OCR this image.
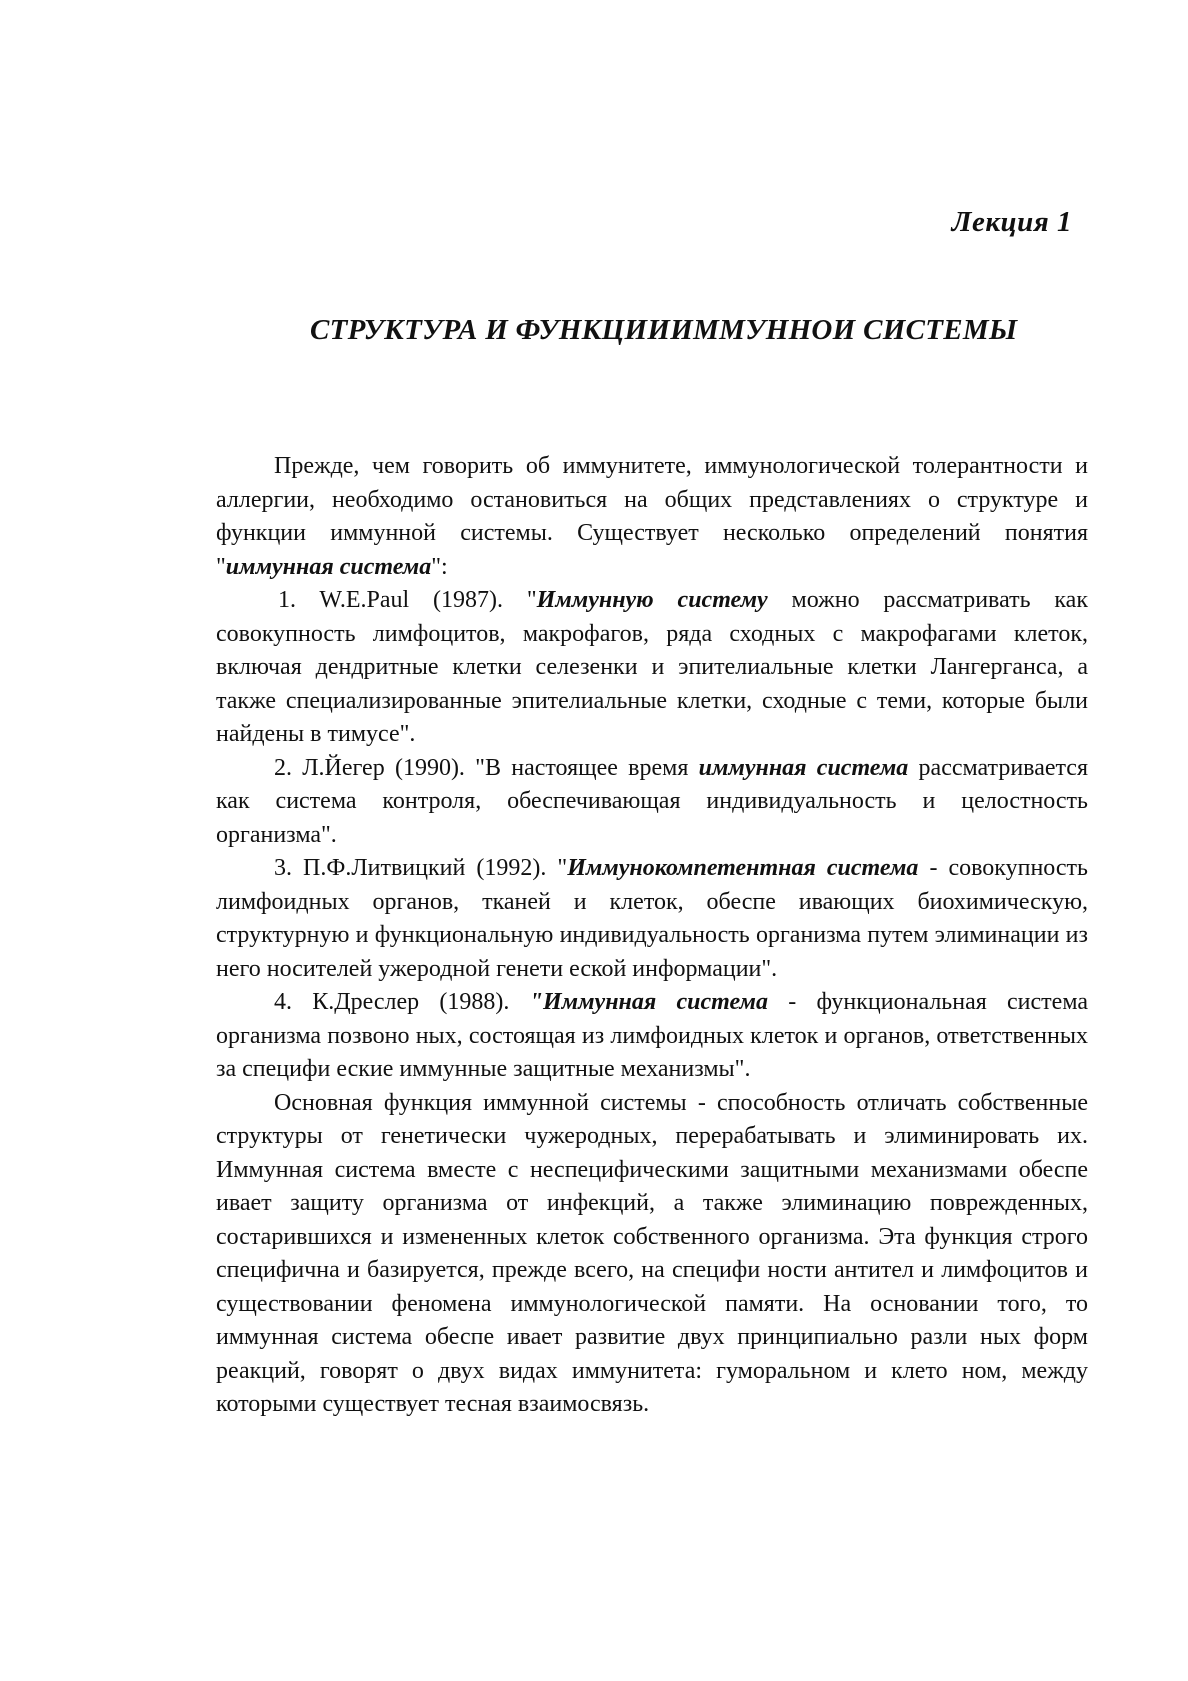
Лекция 1
СТРУКТУРА И ФУНКЦИИИММУННОИ СИСТЕМЫ

Прежде, чем говорить об иммунитете, иммунологической толерантности и аллергии, необходимо остановиться на общих представлениях о структуре и функции иммунной системы. Существует несколько определений понятия "иммунная система":

1. W.E.Paul (1987). "Иммунную систему можно рассматривать как совокупность лимфоцитов, макрофагов, ряда сходных с макрофагами клеток, включая дендритные клетки селезенки и эпителиальные клетки Лангерганса, а также специализированные эпителиальные клетки, сходные с теми, которые были найдены в тимусе".

2. Л.Йегер (1990). "В настоящее время иммунная система рассматривается как система контроля, обеспечивающая индивидуальность и целостность организма".

3. П.Ф.Литвицкий (1992). "Иммунокомпетентная система - совокупность лимфоидных органов, тканей и клеток, обеспе ивающих биохимическую, структурную и функциональную индивидуальность организма путем элиминации из него носителей ужеродной генети еской информации".

4. К.Дреслер (1988). "Иммунная система - функциональная система организма позвоно ных, состоящая из лимфоидных клеток и органов, ответственных за специфи еские иммунные защитные механизмы".

Основная функция иммунной системы - способность отличать собственные структуры от генетически чужеродных, перерабатывать и элиминировать их. Иммунная система вместе с неспецифическими защитными механизмами обеспе ивает защиту организма от инфекций, а также элиминацию поврежденных, состарившихся и измененных клеток собственного организма. Эта функция строго специфична и базируется, прежде всего, на специфи ности антител и лимфоцитов и существовании феномена иммунологической памяти. На основании того, то иммунная система обеспе ивает развитие двух принципиально разли ных форм реакций, говорят о двух видах иммунитета: гуморальном и клето ном, между которыми существует тесная взаимосвязь.
